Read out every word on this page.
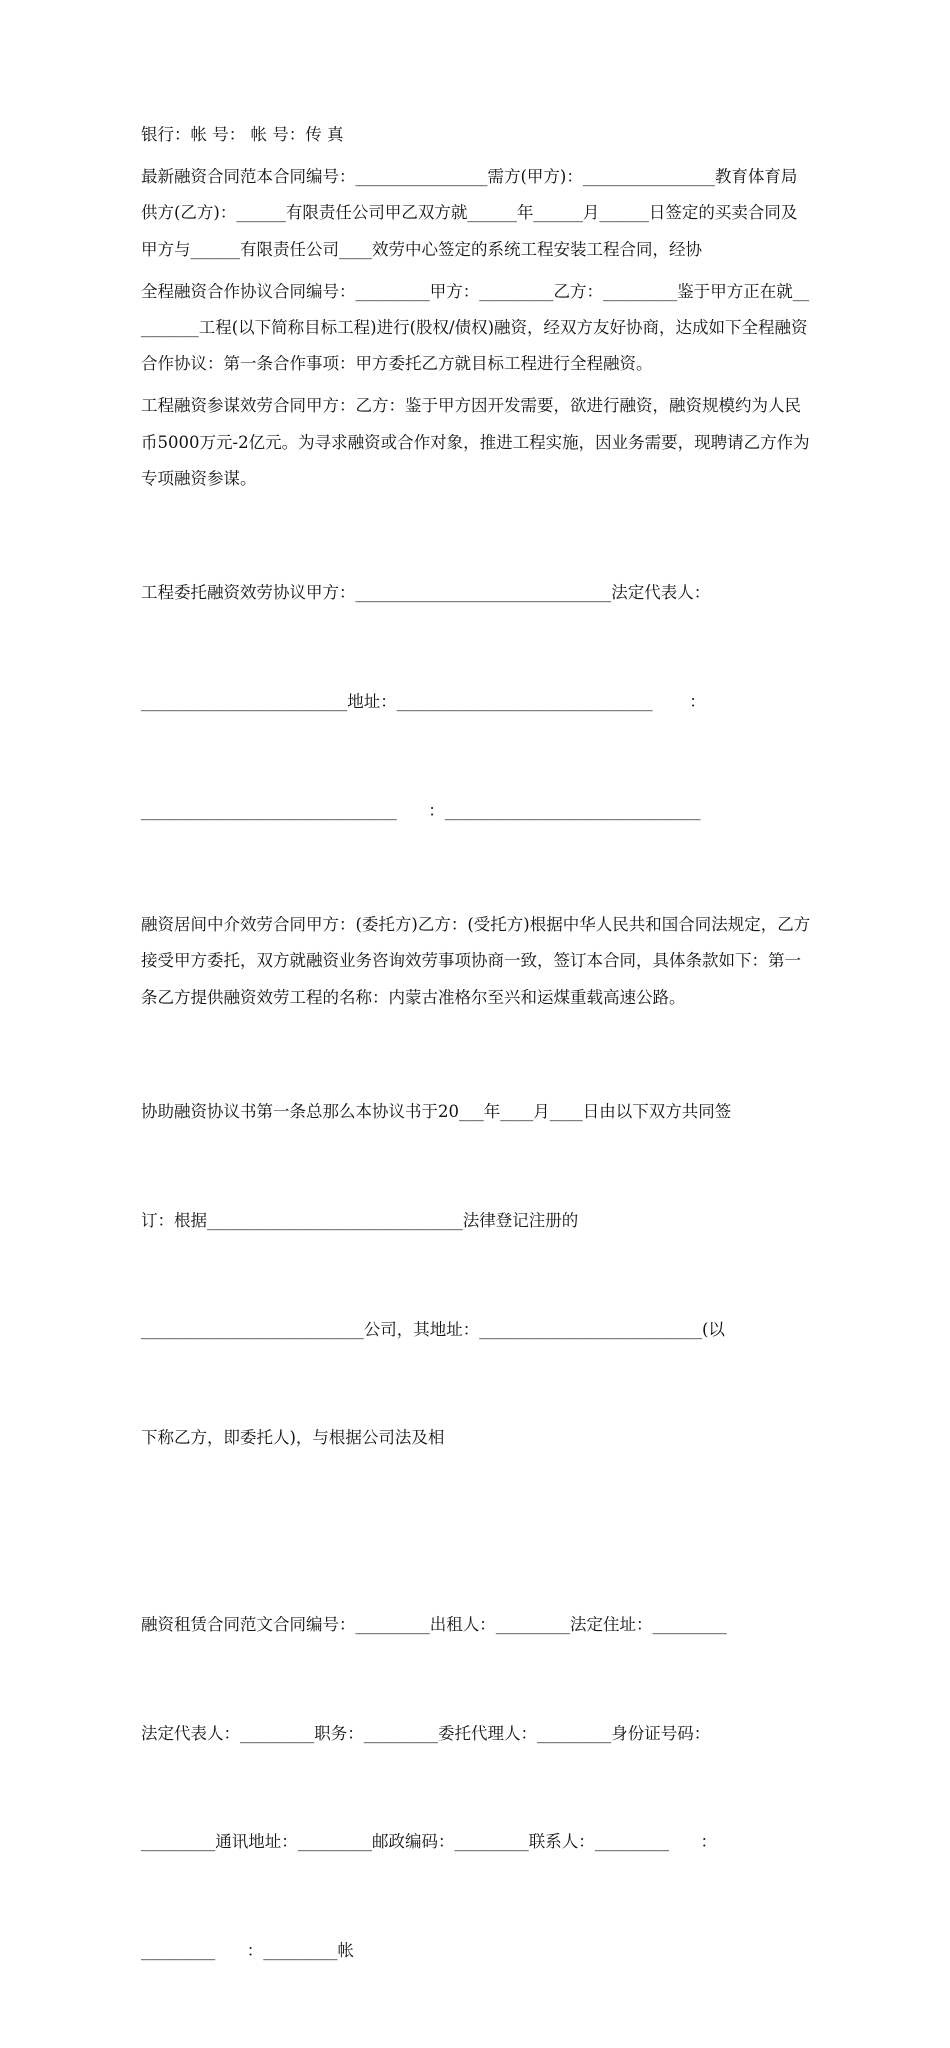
银行：帐 号： 帐 号：传 真

最新融资合同范本合同编号：________________需方(甲方)：________________教育体育局供方(乙方)：______有限责任公司甲乙双方就______年______月______日签定的买卖合同及甲方与______有限责任公司____效劳中心签定的系统工程安装工程合同，经协

全程融资合作协议合同编号：_________甲方：_________乙方：_________鉴于甲方正在就_________工程(以下简称目标工程)进行(股权/债权)融资，经双方友好协商，达成如下全程融资合作协议：第一条合作事项：甲方委托乙方就目标工程进行全程融资。

工程融资参谋效劳合同甲方：乙方：鉴于甲方因开发需要，欲进行融资，融资规模约为人民币5000万元-2亿元。为寻求融资或合作对象，推进工程实施，因业务需要，现聘请乙方作为专项融资参谋。

工程委托融资效劳协议甲方：_______________________________法定代表人：

_________________________地址：_______________________________       ：

_______________________________      ：_______________________________

融资居间中介效劳合同甲方：(委托方)乙方：(受托方)根据中华人民共和国合同法规定，乙方接受甲方委托，双方就融资业务咨询效劳事项协商一致，签订本合同，具体条款如下：第一条乙方提供融资效劳工程的名称：内蒙古准格尔至兴和运煤重载高速公路。

协助融资协议书第一条总那么本协议书于20___年____月____日由以下双方共同签

订：根据_______________________________法律登记注册的

___________________________公司，其地址：___________________________(以

下称乙方，即委托人)，与根据公司法及相

融资租赁合同范文合同编号：_________出租人：_________法定住址：_________

法定代表人：_________职务：_________委托代理人：_________身份证号码：

_________通讯地址：_________邮政编码：_________联系人：_________      ：

_________      ：_________帐
